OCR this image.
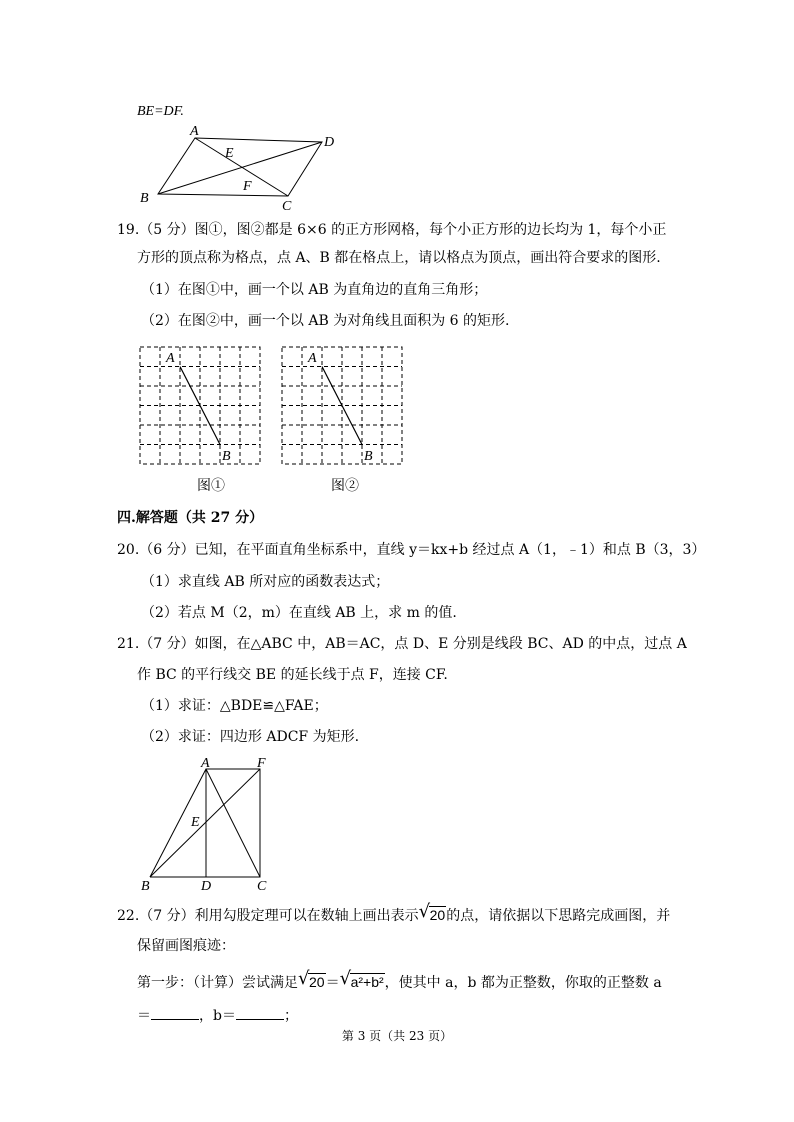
BE=DF.
A
D
E
F
B
C
19.（5 分）图①，图②都是 6×6 的正方形网格，每个小正方形的边长均为 1，每个小正
方形的顶点称为格点，点 A、B 都在格点上，请以格点为顶点，画出符合要求的图形.
（1）在图①中，画一个以 AB 为直角边的直角三角形；
（2）在图②中，画一个以 AB 为对角线且面积为 6 的矩形.
A
B
图①
A
B
图②
四.解答题（共 27 分）
20.（6 分）已知，在平面直角坐标系中，直线 y＝kx+b 经过点 A（1，﹣1）和点 B（3，3）
（1）求直线 AB 所对应的函数表达式；
（2）若点 M（2，m）在直线 AB 上，求 m 的值.
21.（7 分）如图，在△ABC 中，AB＝AC，点 D、E 分别是线段 BC、AD 的中点，过点 A
作 BC 的平行线交 BE 的延长线于点 F，连接 CF.
（1）求证：△BDE≌△FAE；
（2）求证：四边形 ADCF 为矩形.
A	F
E
B	D	C
22.（7 分）利用勾股定理可以在数轴上画出表示 √ 20的点，请依据以下思路完成画图，并
保留画图痕迹：
第一步：（计算）尝试满足 √ 20＝ √ a²+b²，使其中 a，b 都为正整数，你取的正整数 a
＝	，b＝	；
第 3 页（共 23 页）
